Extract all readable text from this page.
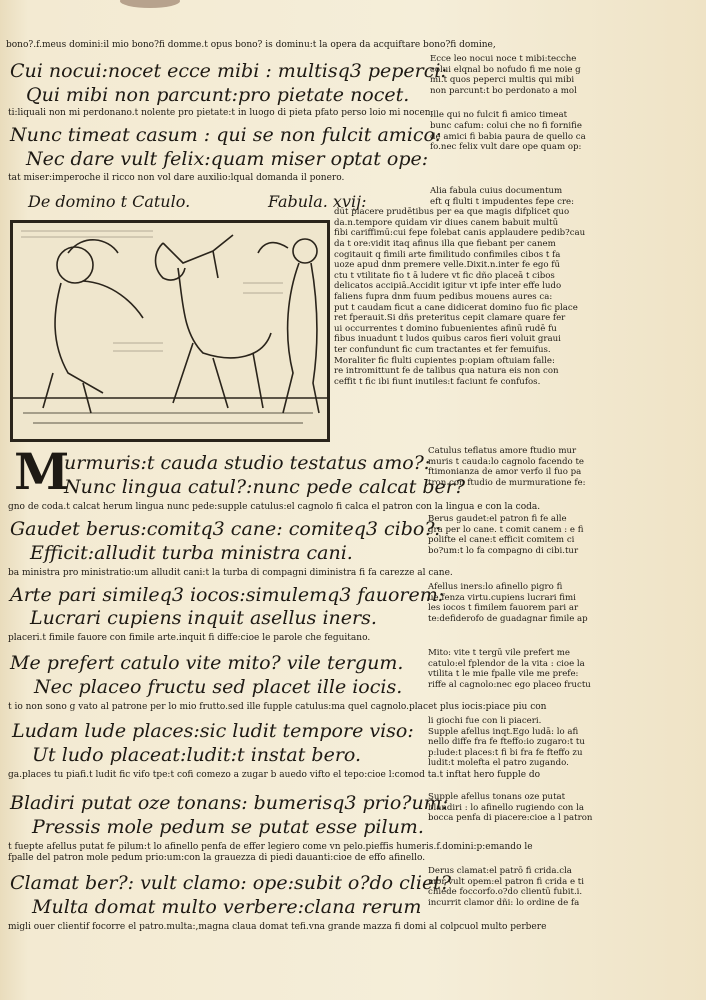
bono?.f.meus domini:il mio bono?fi domme.t opus bono? is dominu:t la opera da acquiftare bono?fi domine,
Cui nocui:nocet ecce mibi : multisq3 peperci:
Qui mibi non parcunt:pro pietate nocet.
ti:liquali non mi perdonano.t nolente pro pietate:t in luogo di pieta pfato perso loio mi nocen.
Ecce leo nocui noce t mibi:tecche
colui elqnal bo nofudo fi me noie g
mi.t quos peperci multis qui mibi
non parcunt:t bo perdonato a mol
Ille qui no fulcit fi amico timeat
bunc cafum: colui che no fi fornifie
de amici fi babia paura de quello ca
fo.nec felix vult dare ope quam op:
Nunc timeat casum : qui se non fulcit amico:
Nec dare vult felix:quam miser optat ope:
tat miser:imperoche il ricco non vol dare auxilio:lqual domanda il ponero.
De domino t Catulo.	Fabula. xvij:
Alia fabula cuius documentum
eft q flulti t impudentes fepe cre:
dūt placere prudētibus per ea que magis difplicet quo
da.n.tempore quidam vir diues canem babuit multū
fibi cariffimū:cui fepe folebat canis applaudere pedib?cau
da t ore:vidit itaq afinus illa que fiebant per canem
cogitauit q fimili arte fimilitudo confimiles cibos t fa
uoze apud dnm premere velle.Dixit.n.inter fe ego fū
ctu t vtilitate fio t ā ludere vt fic dño placeā t cibos
delicatos accipiā.Accidit igitur vt ipfe inter effe ludo
faliens fupra dnm fuum pedibus mouens aures ca:
put t caudam ficut a cane didicerat domino fuo fic place
ret fperauit.Si dñs preteritus cepit clamare quare fer
ui occurrentes t domino fubuenientes afinū rudē fu
fibus inuadunt t ludos quibus caros fieri voluit graui
ter confundunt fic cum tractantes et fer femuifus.
Moraliter fic flulti cupientes p:opiam oftuiam falle:
re intromittunt fe de talibus qua natura eis non con
ceffit t fic ibi fiunt inutiles:t faciunt fe confufos.
M
urmuris:t cauda studio testatus amo?:
Nunc lingua catul?:nunc pede calcat ber?
Catulus teflatus amore ftudio mur
muris t cauda:lo cagnolo facendo te
ftimonianza de amor verfo il fuo pa
tron con ftudio de murmuratione fe:
gno de coda.t calcat herum lingua nunc pede:supple catulus:el cagnolo fi calca el patron con la lingua e con la coda.
Gaudet berus:comitq3 cane: comiteq3 cibo?:
Efficit:alludit turba ministra cani.
Berus gaudet:el patron fi fe alle
gra per lo cane. t comit canem : e fi
polifte el cane:t efficit comitem ci
bo?um:t lo fa compagno di cibi.tur
ba ministra pro ministratio:um alludit cani:t la turba di compagni diministra fi fa carezze al cane.
Arte pari simileq3 iocos:simulemq3 fauorem:
Lucrari cupiens inquit asellus iners.
Afellus iners:lo afinello pigro fi
ue fenza virtu.cupiens lucrari fimi
les iocos t fimilem fauorem pari ar
te:defiderofo de guadagnar fimile ap
placeri.t fimile fauore con fimile arte.inquit fi diffe:cioe le parole che feguitano.
Me prefert catulo vite mito? vile tergum.
Nec placeo fructu sed placet ille iocis.
Mito: vite t tergū vile prefert me
catulo:el fplendor de la vita : cioe la
vtilita t le mie fpalle vile me prefe:
riffe al cagnolo:nec ego placeo fructu
t io non sono g vato al patrone per lo mio frutto.sed ille fupple catulus:ma quel cagnolo.placet plus iocis:piace piu con
Ludam lude places:sic ludit tempore viso:
Ut ludo placeat:ludit:t instat bero.
li giochi fue con li piaceri.
Supple afellus inqt.Ego ludā: lo afi
nello diffe fra fe fteffo:io zugaro:t tu
p:lude:t places:t fi bi fra fe fteffo zu
ludit:t molefta el patro zugando.
ga.places tu piafi.t ludit fic vifo tpe:t cofi comezo a zugar b auedo vifto el tepo:cioe l:comod ta.t inftat hero fupple do
Bladiri putat oze tonans: bumerisq3 prio?um:
Pressis mole pedum se putat esse pilum.
Supple afellus tonans oze putat
blandiri : lo afinello rugiendo con la
bocca penfa di piacere:cioe a l patron
t fuepte afellus putat fe pilum:t lo afinello penfa de effer legiero come vn pelo.pieffis humeris.f.domini:p:emando le
fpalle del patron mole pedum prio:um:con la grauezza di piedi dauanti:cioe de effo afinello.
Clamat ber?: vult clamo: ope:subit o?do cliet?
Multa domat multo verbere:clana rerum
Derus clamat:el patrō fi crida.cla
mor vult opem:el patron fi crida e ti
chiede foccorfo.o?do clientū fubit.i.
incurrit clamor dñi: lo ordine de fa
migli ouer clientif focorre el patro.multa:,magna claua domat tefi.vna grande mazza fi domi al colpcuol multo perbere
